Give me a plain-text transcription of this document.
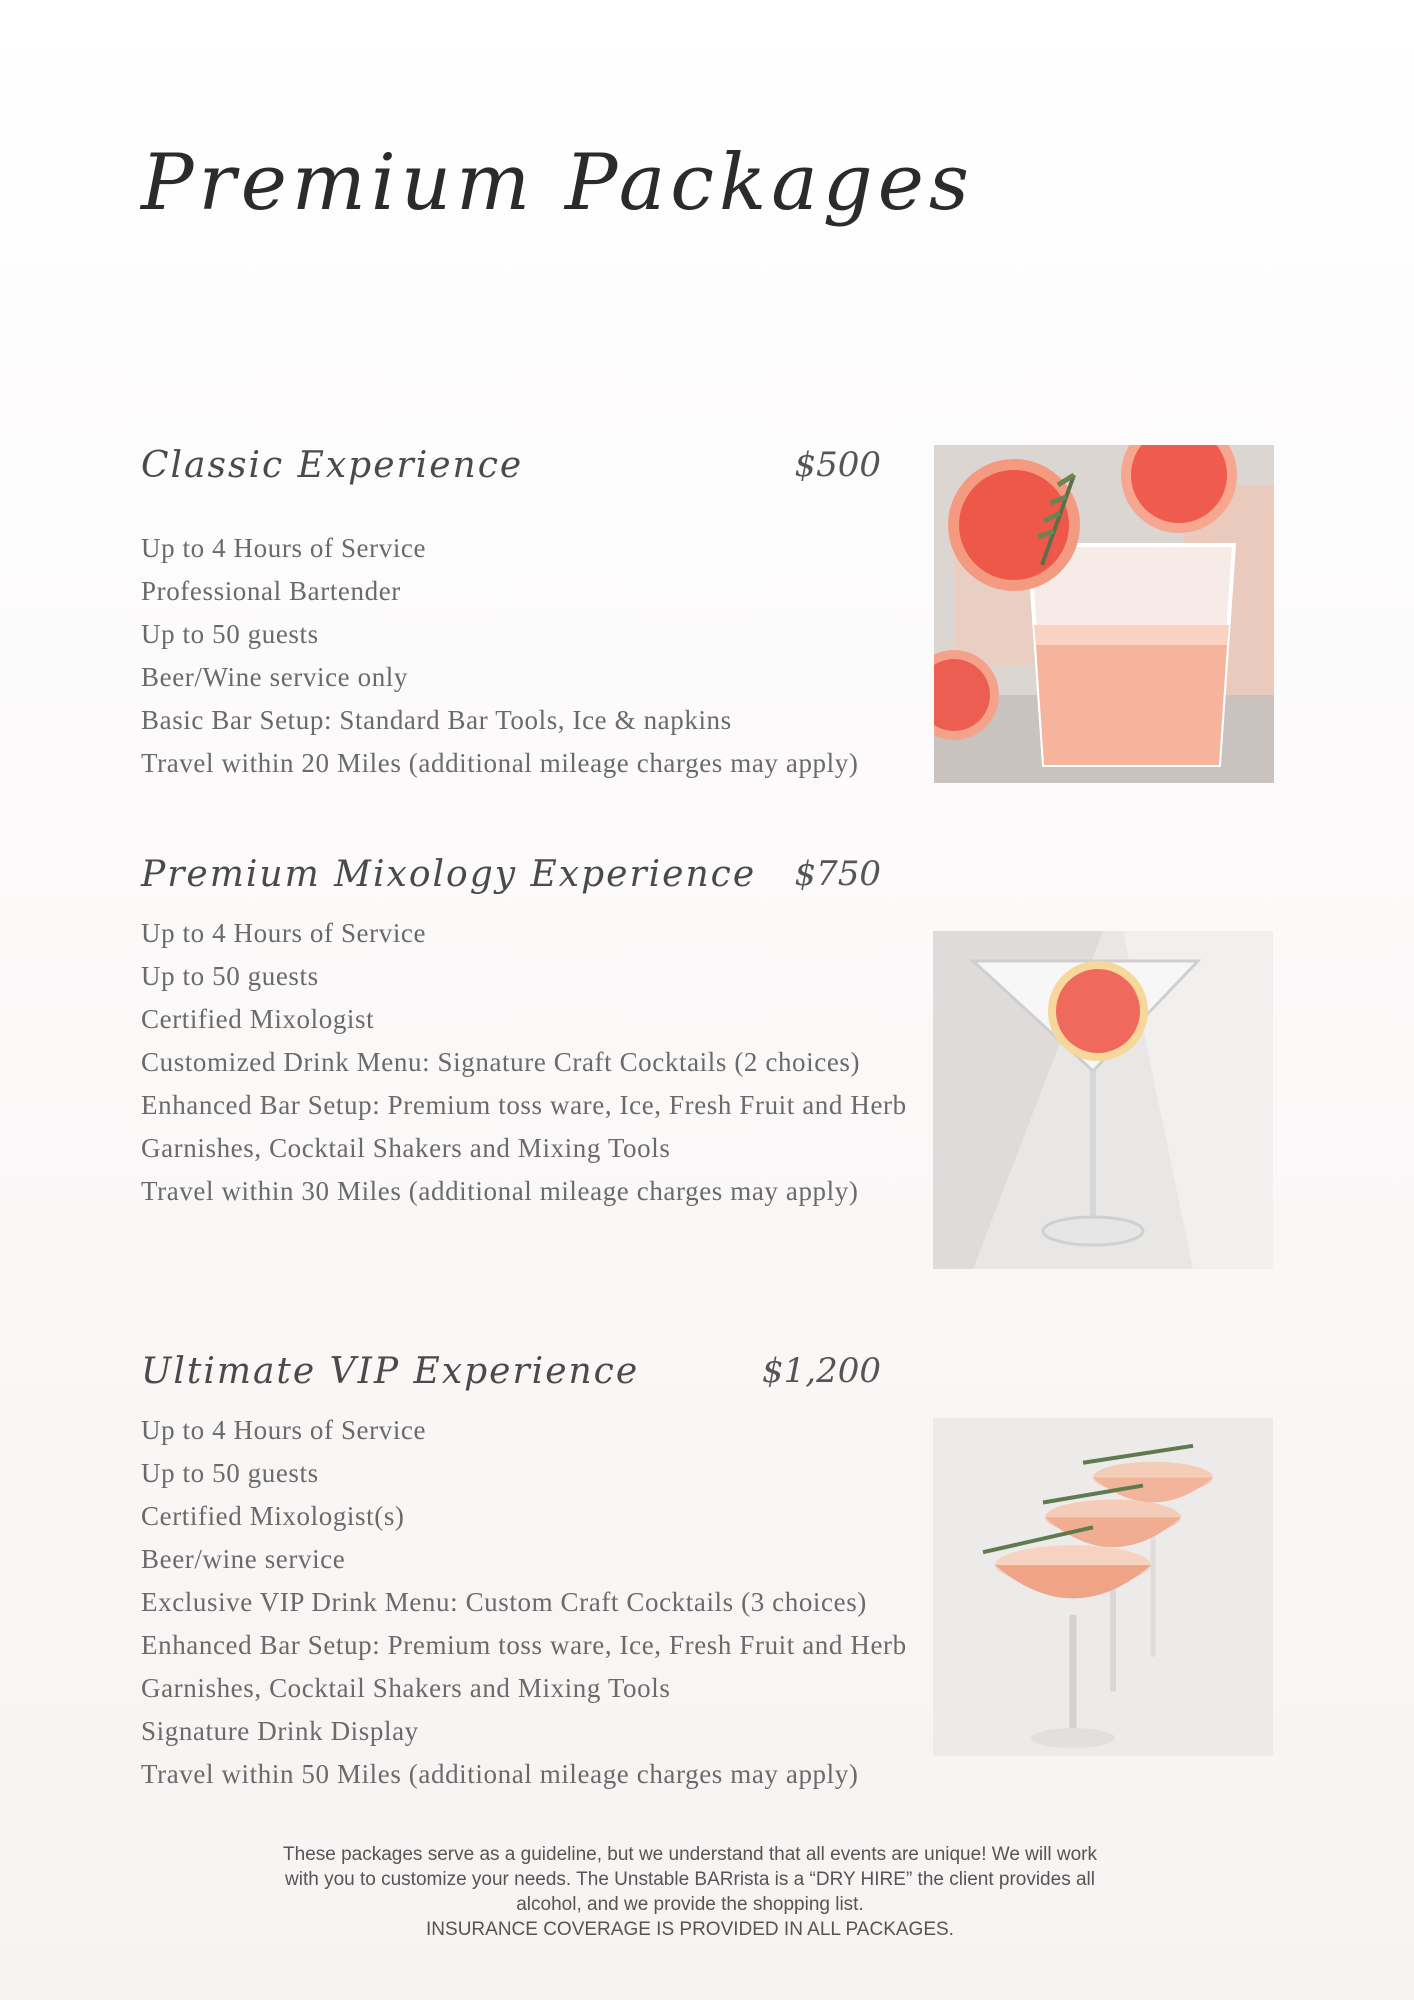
Premium Packages
Classic Experience	$500
Up to 4 Hours of Service
Professional Bartender
Up to 50 guests
Beer/Wine service only
Basic Bar Setup: Standard Bar Tools, Ice & napkins
Travel within 20 Miles (additional mileage charges may apply)
Premium Mixology Experience $750
Up to 4 Hours of Service
Up to 50 guests
Certified Mixologist
Customized Drink Menu: Signature Craft Cocktails (2 choices)
Enhanced Bar Setup: Premium toss ware, Ice, Fresh Fruit and Herb
Garnishes, Cocktail Shakers and Mixing Tools
Travel within 30 Miles (additional mileage charges may apply)
Ultimate VIP Experience	$1,200
Up to 4 Hours of Service
Up to 50 guests
Certified Mixologist(s)
Beer/wine service
Exclusive VIP Drink Menu: Custom Craft Cocktails (3 choices)
Enhanced Bar Setup: Premium toss ware, Ice, Fresh Fruit and Herb
Garnishes, Cocktail Shakers and Mixing Tools
Signature Drink Display
Travel within 50 Miles (additional mileage charges may apply)

These packages serve as a guideline, but we understand that all events are unique! We will work

with you to customize your needs. The Unstable BARrista is a “DRY HIRE” the client provides all

alcohol, and we provide the shopping list.

INSURANCE COVERAGE IS PROVIDED IN ALL PACKAGES.
